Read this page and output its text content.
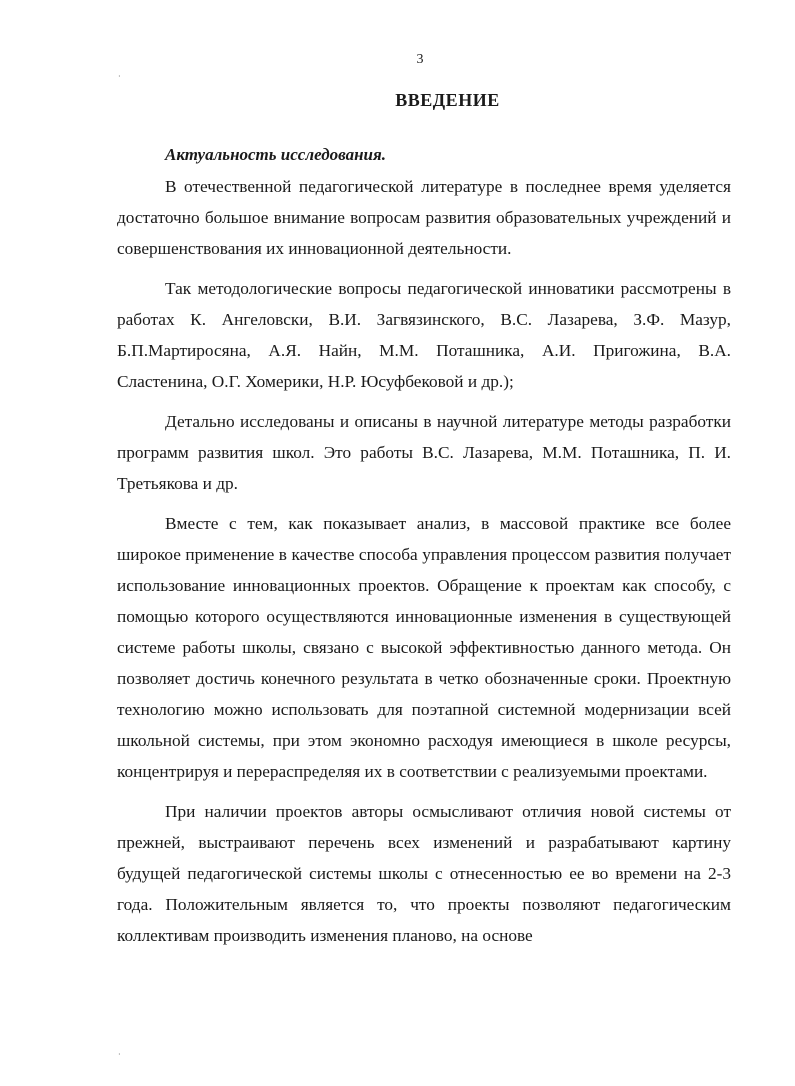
3
·
ВВЕДЕНИЕ
Актуальность исследования.

В отечественной педагогической литературе в последнее время уделяется достаточно большое внимание вопросам развития образовательных учреждений и совершенствования их инновационной деятельности.

Так методологические вопросы педагогической инноватики рассмотрены в работах К. Ангеловски, В.И. Загвязинского, В.С. Лазарева, З.Ф. Мазур, Б.П.Мартиросяна, А.Я. Найн, М.М. Поташника, А.И. Пригожина, В.А. Сластенина, О.Г. Хомерики, Н.Р. Юсуфбековой и др.);

Детально исследованы и описаны в научной литературе методы разработки программ развития школ. Это работы В.С. Лазарева, М.М. Поташника, П. И. Третьякова и др.

Вместе с тем, как показывает анализ, в массовой практике все более широкое применение в качестве способа управления процессом развития получает использование инновационных проектов. Обращение к проектам как способу, с помощью которого осуществляются инновационные изменения в существующей системе работы школы, связано с высокой эффективностью данного метода. Он позволяет достичь конечного результата в четко обозначенные сроки. Проектную технологию можно использовать для поэтапной системной модернизации всей школьной системы, при этом экономно расходуя имеющиеся в школе ресурсы, концентрируя и перераспределяя их в соответствии с реализуемыми проектами.

При наличии проектов авторы осмысливают отличия новой системы от прежней, выстраивают перечень всех изменений и разрабатывают картину будущей педагогической системы школы с отнесенностью ее во времени на 2-3 года. Положительным является то, что проекты позволяют педагогическим коллективам производить изменения планово, на основе

·
